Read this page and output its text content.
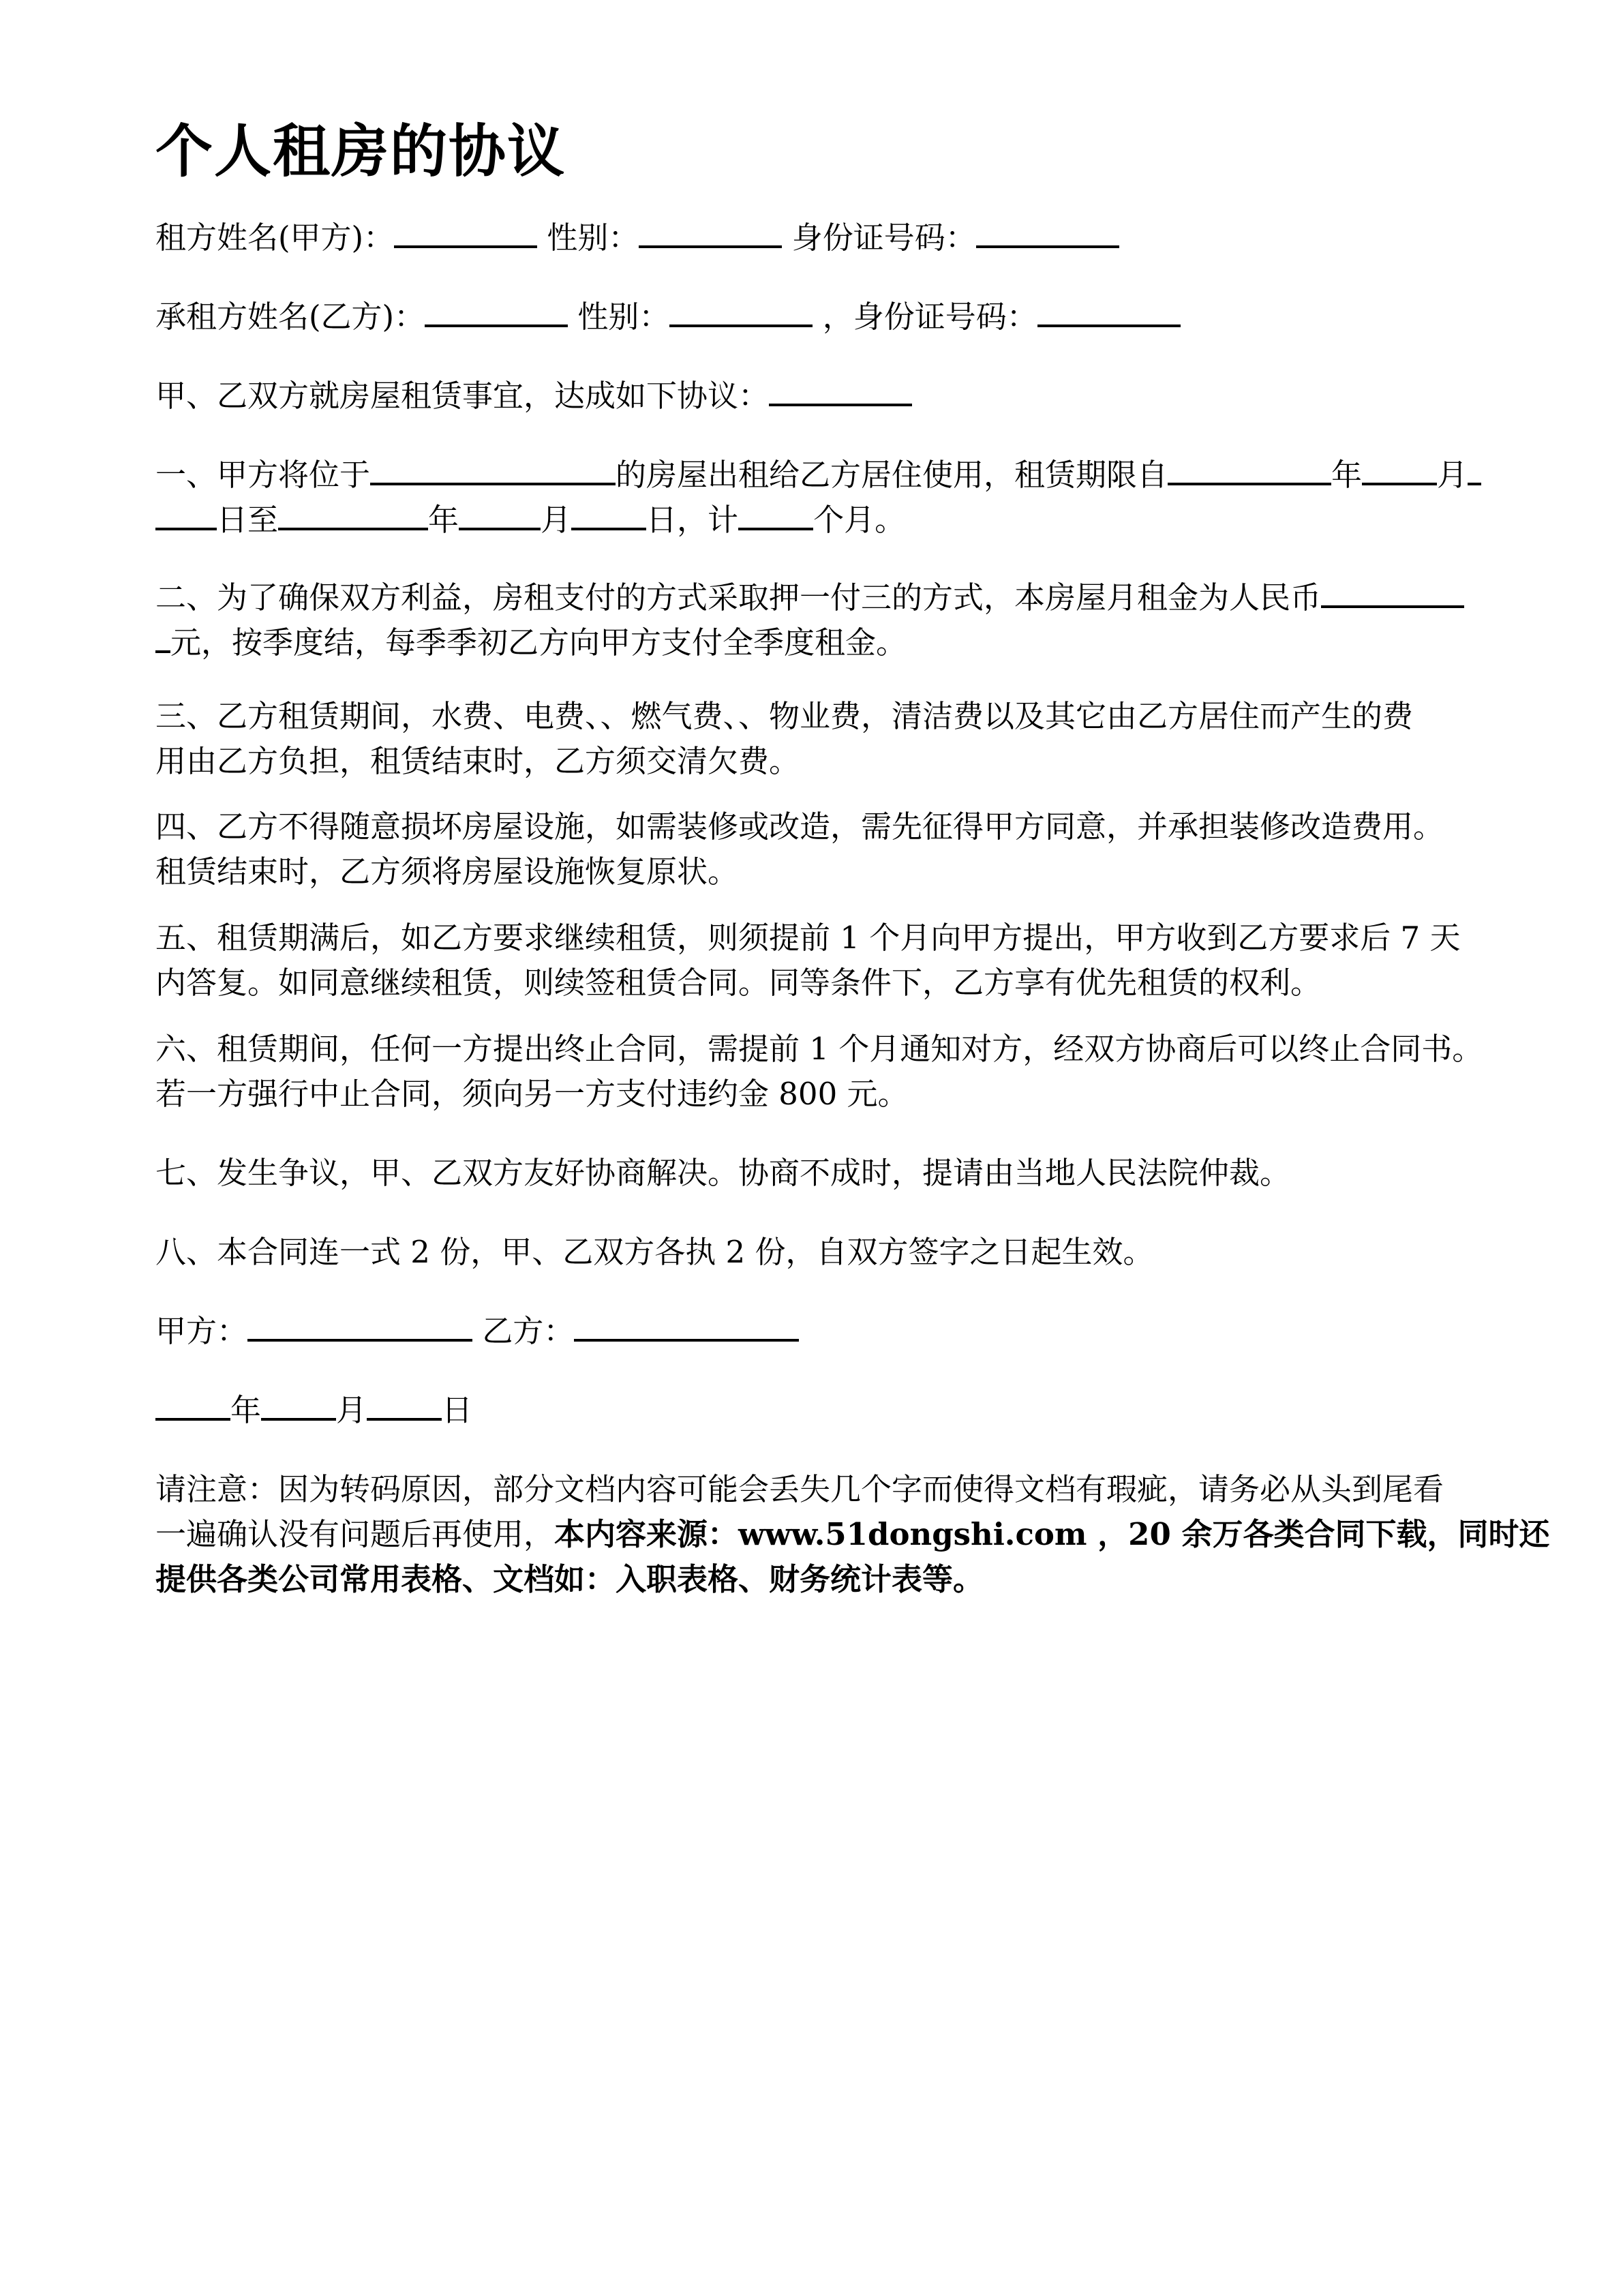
个人租房的协议

租方姓名(甲方)：	性别：	身份证号码：

承租方姓名(乙方)：	性别：	，身份证号码：

甲、乙双方就房屋租赁事宜，达成如下协议：

一、甲方将位于	的房屋出租给乙方居住使用，租赁期限自	年 月
日至	年	月 日，计 个月。

二、为了确保双方利益，房租支付的方式采取押一付三的方式，本房屋月租金为人民币
元，按季度结，每季季初乙方向甲方支付全季度租金。

三、乙方租赁期间，水费、电费、、燃气费、、物业费，清洁费以及其它由乙方居住而产生的费
用由乙方负担，租赁结束时，乙方须交清欠费。

四、乙方不得随意损坏房屋设施，如需装修或改造，需先征得甲方同意，并承担装修改造费用。
租赁结束时，乙方须将房屋设施恢复原状。

五、租赁期满后，如乙方要求继续租赁，则须提前 1 个月向甲方提出，甲方收到乙方要求后 7 天
内答复。如同意继续租赁，则续签租赁合同。同等条件下，乙方享有优先租赁的权利。

六、租赁期间，任何一方提出终止合同，需提前 1 个月通知对方，经双方协商后可以终止合同书。
若一方强行中止合同，须向另一方支付违约金 800 元。

七、发生争议，甲、乙双方友好协商解决。协商不成时，提请由当地人民法院仲裁。

八、本合同连一式 2 份，甲、乙双方各执 2 份，自双方签字之日起生效。

甲方：	乙方：

年 月 日

请注意：因为转码原因，部分文档内容可能会丢失几个字而使得文档有瑕疵，请务必从头到尾看
一遍确认没有问题后再使用，本内容来源：www.51dongshi.com ，20 余万各类合同下载，同时还
提供各类公司常用表格、文档如：入职表格、财务统计表等。
